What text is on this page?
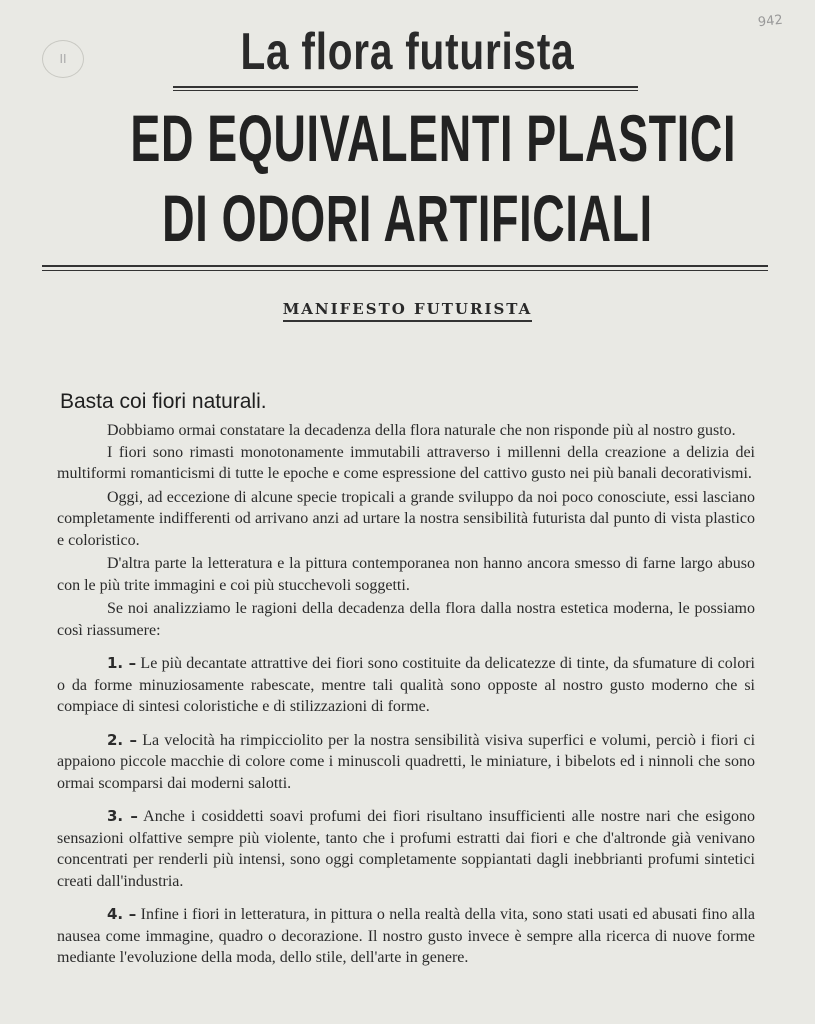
II
942
La flora futurista
ED EQUIVALENTI PLASTICI
DI ODORI ARTIFICIALI
MANIFESTO FUTURISTA
Basta coi fiori naturali.

Dobbiamo ormai constatare la decadenza della flora naturale che non risponde più al nostro gusto.

I fiori sono rimasti monotonamente immutabili attraverso i millenni della creazione a delizia dei multiformi romanticismi di tutte le epoche e come espressione del cattivo gusto nei più banali decorativismi.

Oggi, ad eccezione di alcune specie tropicali a grande sviluppo da noi poco conosciute, essi lasciano completamente indifferenti od arrivano anzi ad urtare la nostra sensibilità futurista dal punto di vista plastico e coloristico.

D'altra parte la letteratura e la pittura contemporanea non hanno ancora smesso di farne largo abuso con le più trite immagini e coi più stucchevoli soggetti.

Se noi analizziamo le ragioni della decadenza della flora dalla nostra estetica moderna, le possiamo così riassumere:

1. – Le più decantate attrattive dei fiori sono costituite da delicatezze di tinte, da sfumature di colori o da forme minuziosamente rabescate, mentre tali qualità sono opposte al nostro gusto moderno che si compiace di sintesi coloristiche e di stilizzazioni di forme.

2. – La velocità ha rimpicciolito per la nostra sensibilità visiva superfici e volumi, perciò i fiori ci appaiono piccole macchie di colore come i minuscoli quadretti, le miniature, i bibelots ed i ninnoli che sono ormai scomparsi dai moderni salotti.

3. – Anche i cosiddetti soavi profumi dei fiori risultano insufficienti alle nostre nari che esigono sensazioni olfattive sempre più violente, tanto che i profumi estratti dai fiori e che d'altronde già venivano concentrati per renderli più intensi, sono oggi completamente soppiantati dagli inebbrianti profumi sintetici creati dall'industria.

4. – Infine i fiori in letteratura, in pittura o nella realtà della vita, sono stati usati ed abusati fino alla nausea come immagine, quadro o decorazione. Il nostro gusto invece è sempre alla ricerca di nuove forme mediante l'evoluzione della moda, dello stile, dell'arte in genere.
